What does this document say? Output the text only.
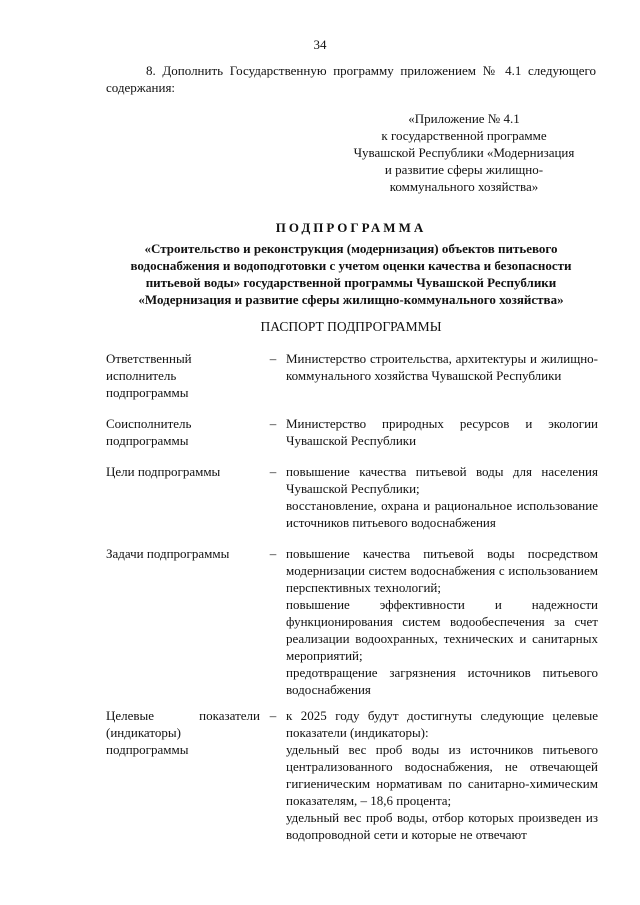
34
8. Дополнить Государственную программу приложением № 4.1 следующего содержания:
«Приложение № 4.1
к государственной программе
Чувашской Республики «Модернизация
и развитие сферы жилищно-
коммунального хозяйства»
ПОДПРОГРАММА
«Строительство и реконструкция (модернизация) объектов питьевого водоснабжения и водоподготовки с учетом оценки качества и безопасности питьевой воды» государственной программы Чувашской Республики «Модернизация и развитие сферы жилищно-коммунального хозяйства»
ПАСПОРТ ПОДПРОГРАММЫ
Ответственный исполнитель подпрограммы
– Министерство строительства, архитектуры и жилищно-коммунального хозяйства Чувашской Республики
Соисполнитель подпрограммы
– Министерство природных ресурсов и экологии Чувашской Республики
Цели подпрограммы	– повышение качества питьевой воды для населения Чувашской Республики;
восстановление, охрана и рациональное использование источников питьевого водоснабжения
Задачи подпрограммы	– повышение качества питьевой воды посредством модернизации систем водоснабжения с использованием перспективных технологий;
повышение эффективности и надежности функционирования систем водообеспечения за счет реализации водоохранных, технических и санитарных мероприятий;
предотвращение загрязнения источников питьевого водоснабжения
Целевые показатели (индикаторы) подпрограммы
– к 2025 году будут достигнуты следующие целевые показатели (индикаторы):
удельный вес проб воды из источников питьевого централизованного водоснабжения, не отвечающей гигиеническим нормативам по санитарно-химическим показателям, – 18,6 процента;
удельный вес проб воды, отбор которых произведен из водопроводной сети и которые не отвечают
